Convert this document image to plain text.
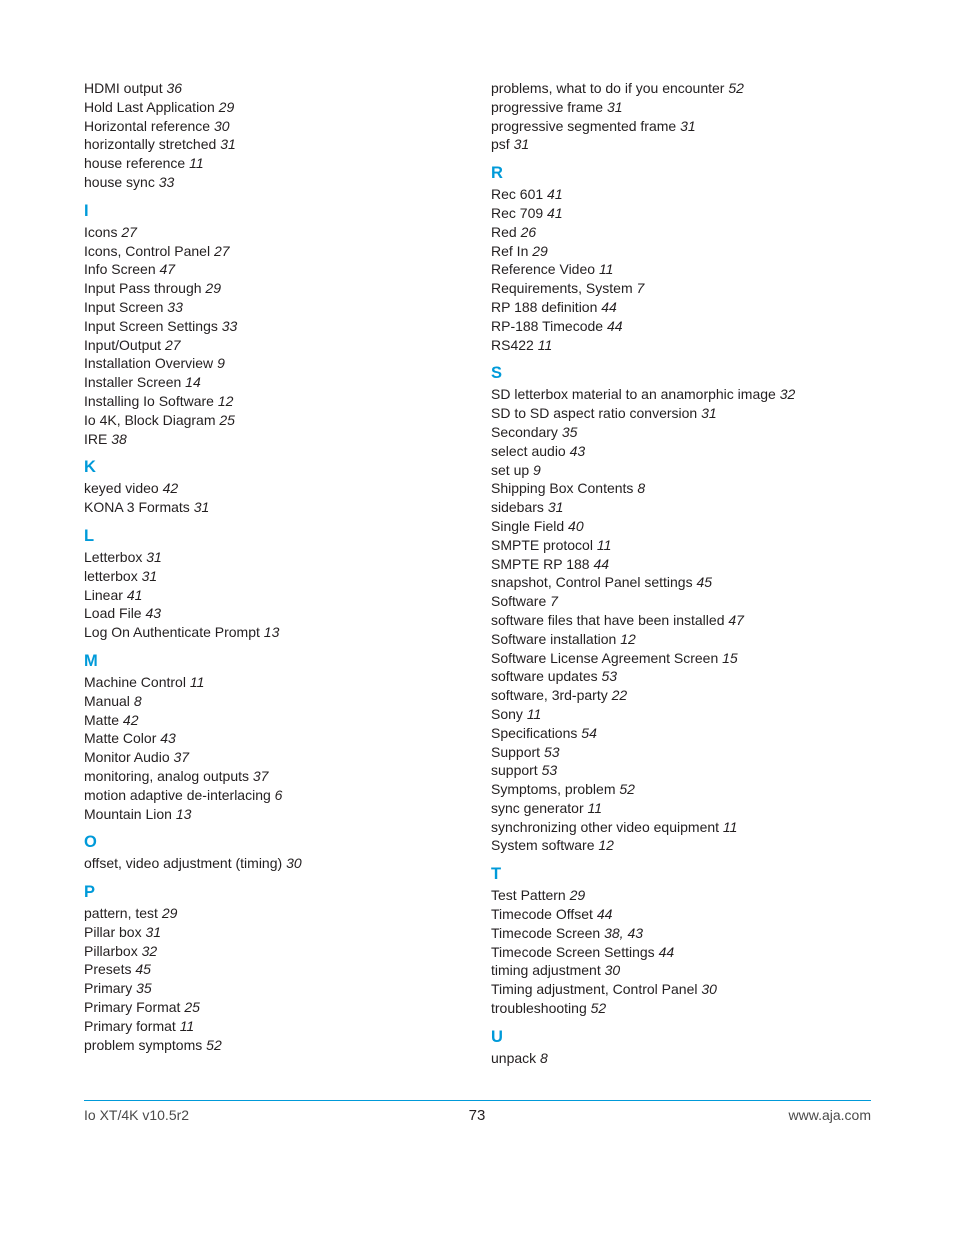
HDMI output 36
Hold Last Application 29
Horizontal reference 30
horizontally stretched 31
house reference 11
house sync 33
I
Icons 27
Icons, Control Panel 27
Info Screen 47
Input Pass through 29
Input Screen 33
Input Screen Settings 33
Input/Output 27
Installation Overview 9
Installer Screen 14
Installing Io Software 12
Io 4K, Block Diagram 25
IRE 38
K
keyed video 42
KONA 3 Formats 31
L
Letterbox 31
letterbox 31
Linear 41
Load File 43
Log On Authenticate Prompt 13
M
Machine Control 11
Manual 8
Matte 42
Matte Color 43
Monitor Audio 37
monitoring, analog outputs 37
motion adaptive de-interlacing 6
Mountain Lion 13
O
offset, video adjustment (timing) 30
P
pattern, test 29
Pillar box 31
Pillarbox 32
Presets 45
Primary 35
Primary Format 25
Primary format 11
problem symptoms 52
problems, what to do if you encounter 52
progressive frame 31
progressive segmented frame 31
psf 31
R
Rec 601 41
Rec 709 41
Red 26
Ref In 29
Reference Video 11
Requirements, System 7
RP 188 definition 44
RP-188 Timecode 44
RS422 11
S
SD letterbox material to an anamorphic image 32
SD to SD aspect ratio conversion 31
Secondary 35
select audio 43
set up 9
Shipping Box Contents 8
sidebars 31
Single Field 40
SMPTE protocol 11
SMPTE RP 188 44
snapshot, Control Panel settings 45
Software 7
software files that have been installed 47
Software installation 12
Software License Agreement Screen 15
software updates 53
software, 3rd-party 22
Sony 11
Specifications 54
Support 53
support 53
Symptoms, problem 52
sync generator 11
synchronizing other video equipment 11
System software 12
T
Test Pattern 29
Timecode Offset 44
Timecode Screen 38, 43
Timecode Screen Settings 44
timing adjustment 30
Timing adjustment, Control Panel 30
troubleshooting 52
U
unpack 8
Io XT/4K v10.5r2	73	www.aja.com
